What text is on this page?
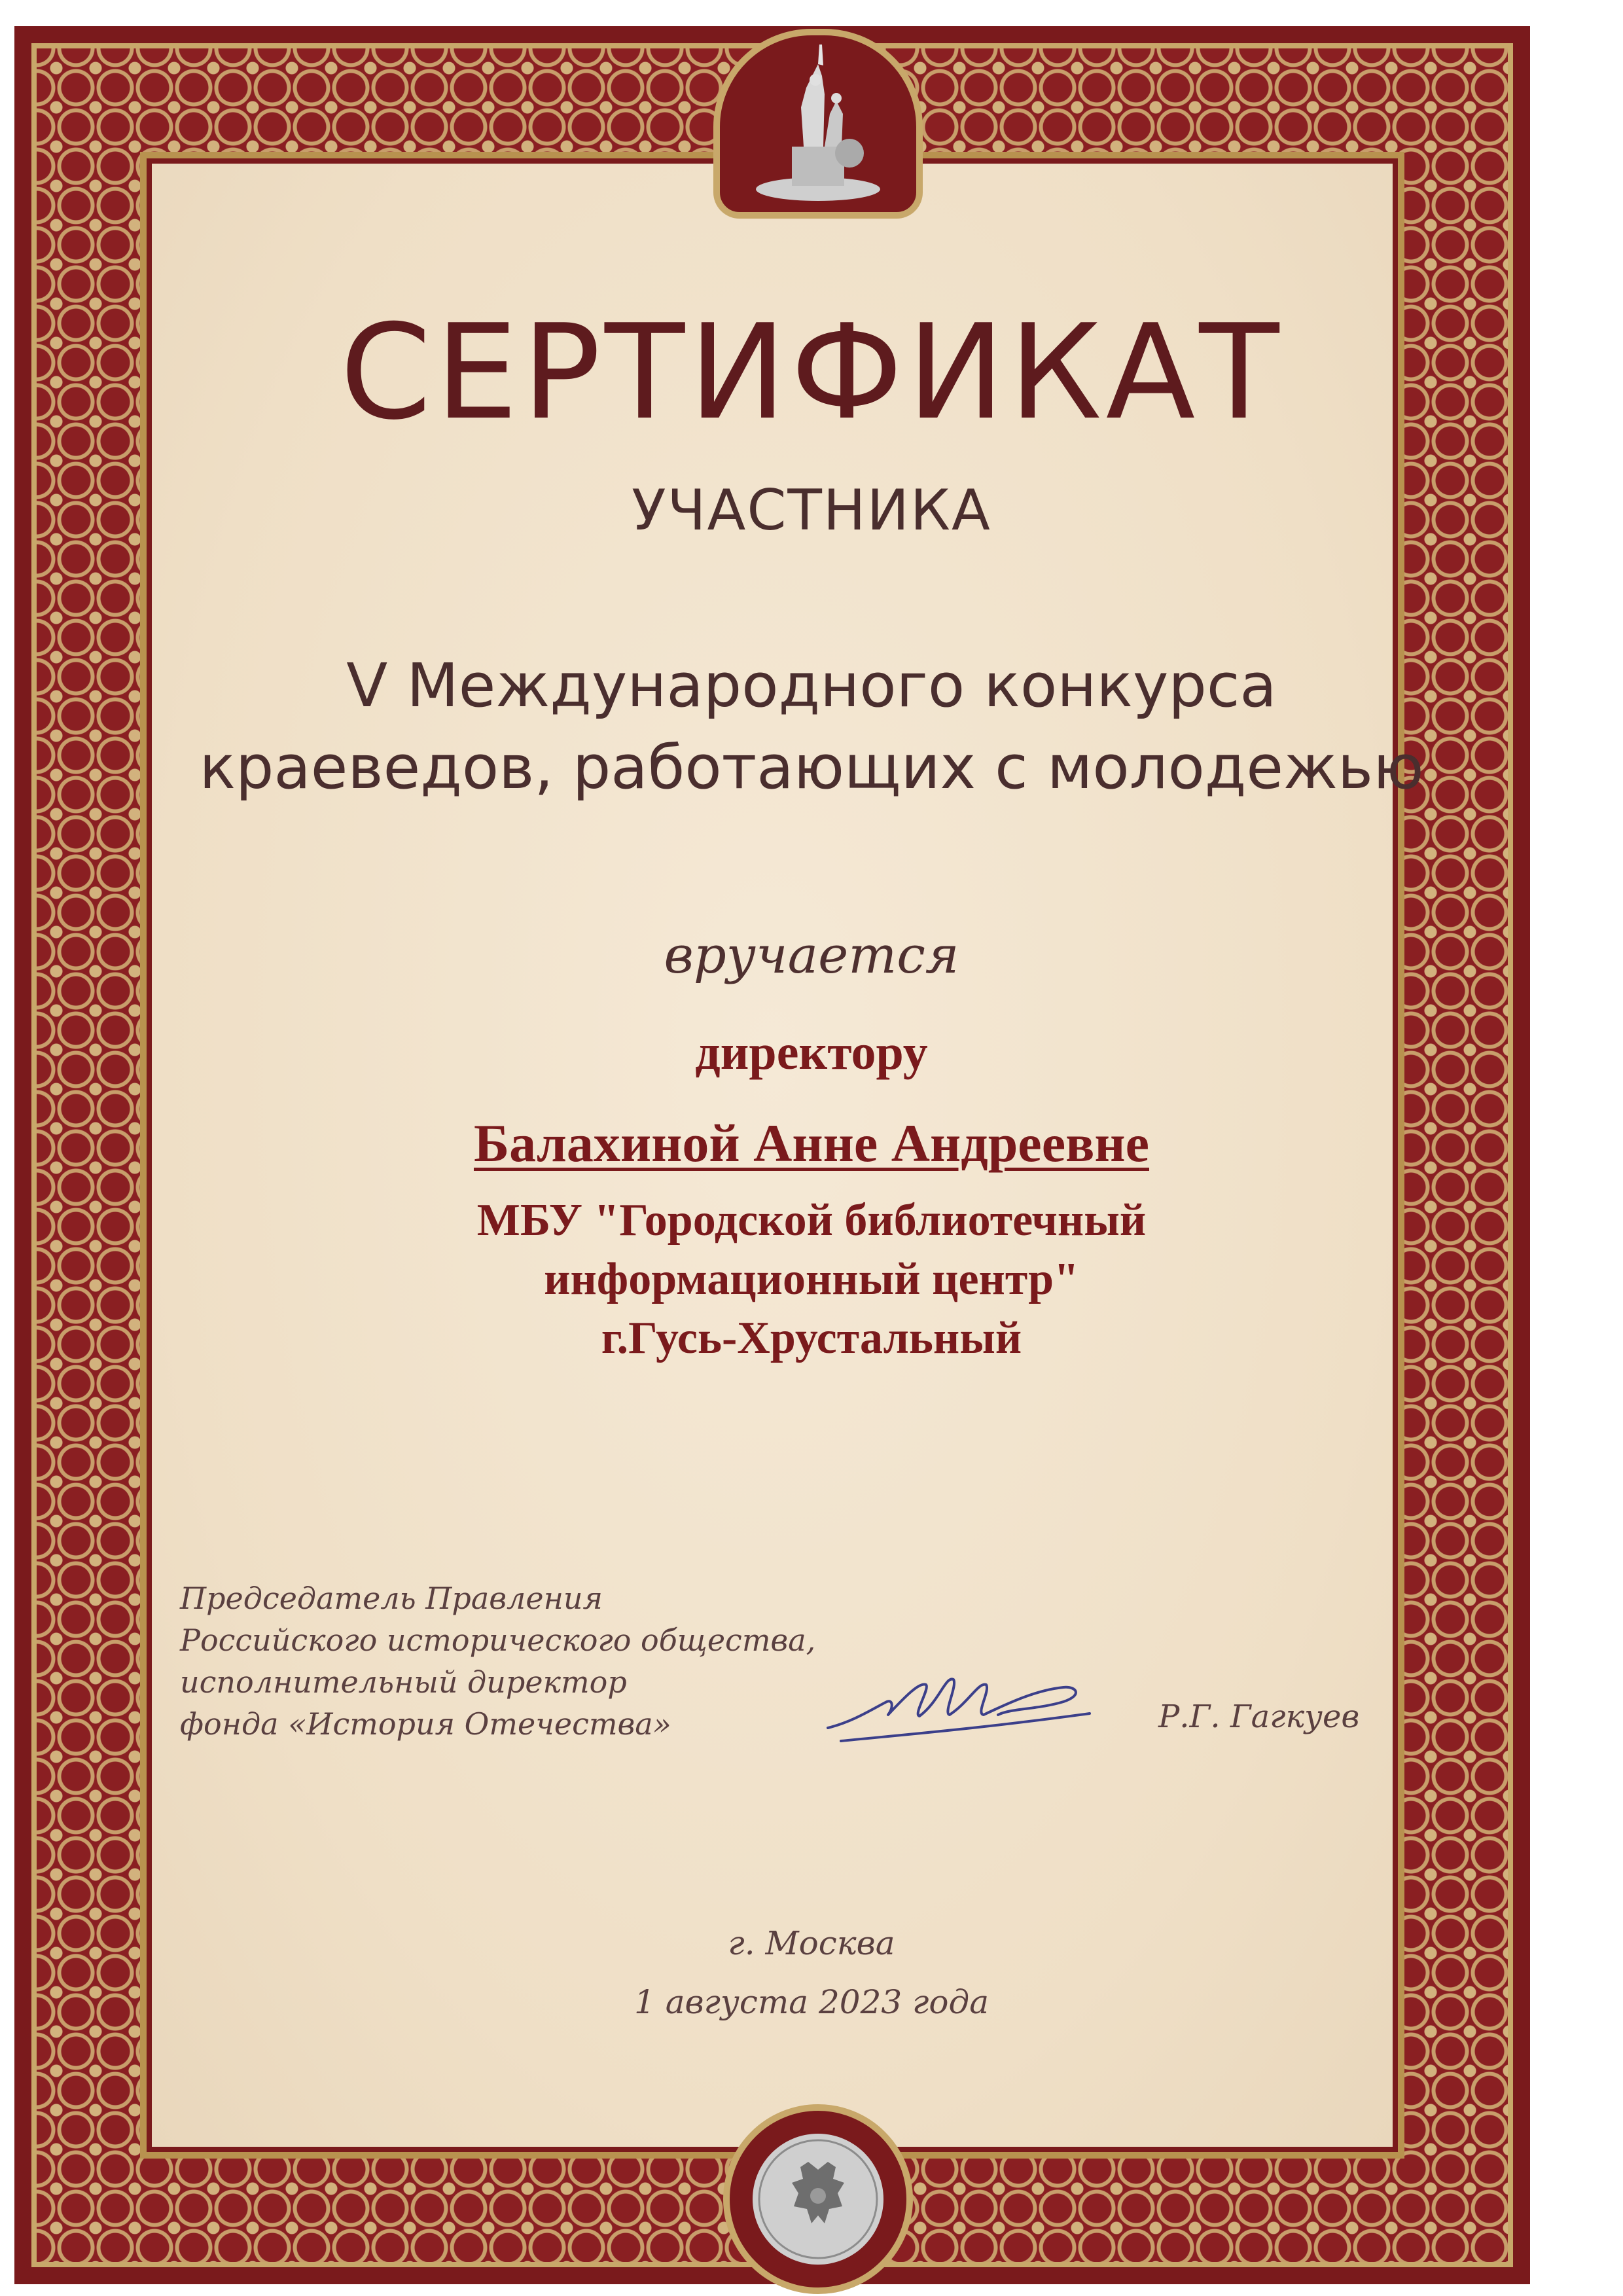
СЕРТИФИКАТ
УЧАСТНИКА
V Международного конкурса
краеведов, работающих с молодежью
вручается
директору
Балахиной Анне Андреевне
МБУ "Городской библиотечный
информационный центр"
г.Гусь-Хрустальный
Председатель Правления
Российского исторического общества,
исполнительный директор
фонда «История Отечества»	Р.Г. Гагкуев
г. Москва
1 августа 2023 года
